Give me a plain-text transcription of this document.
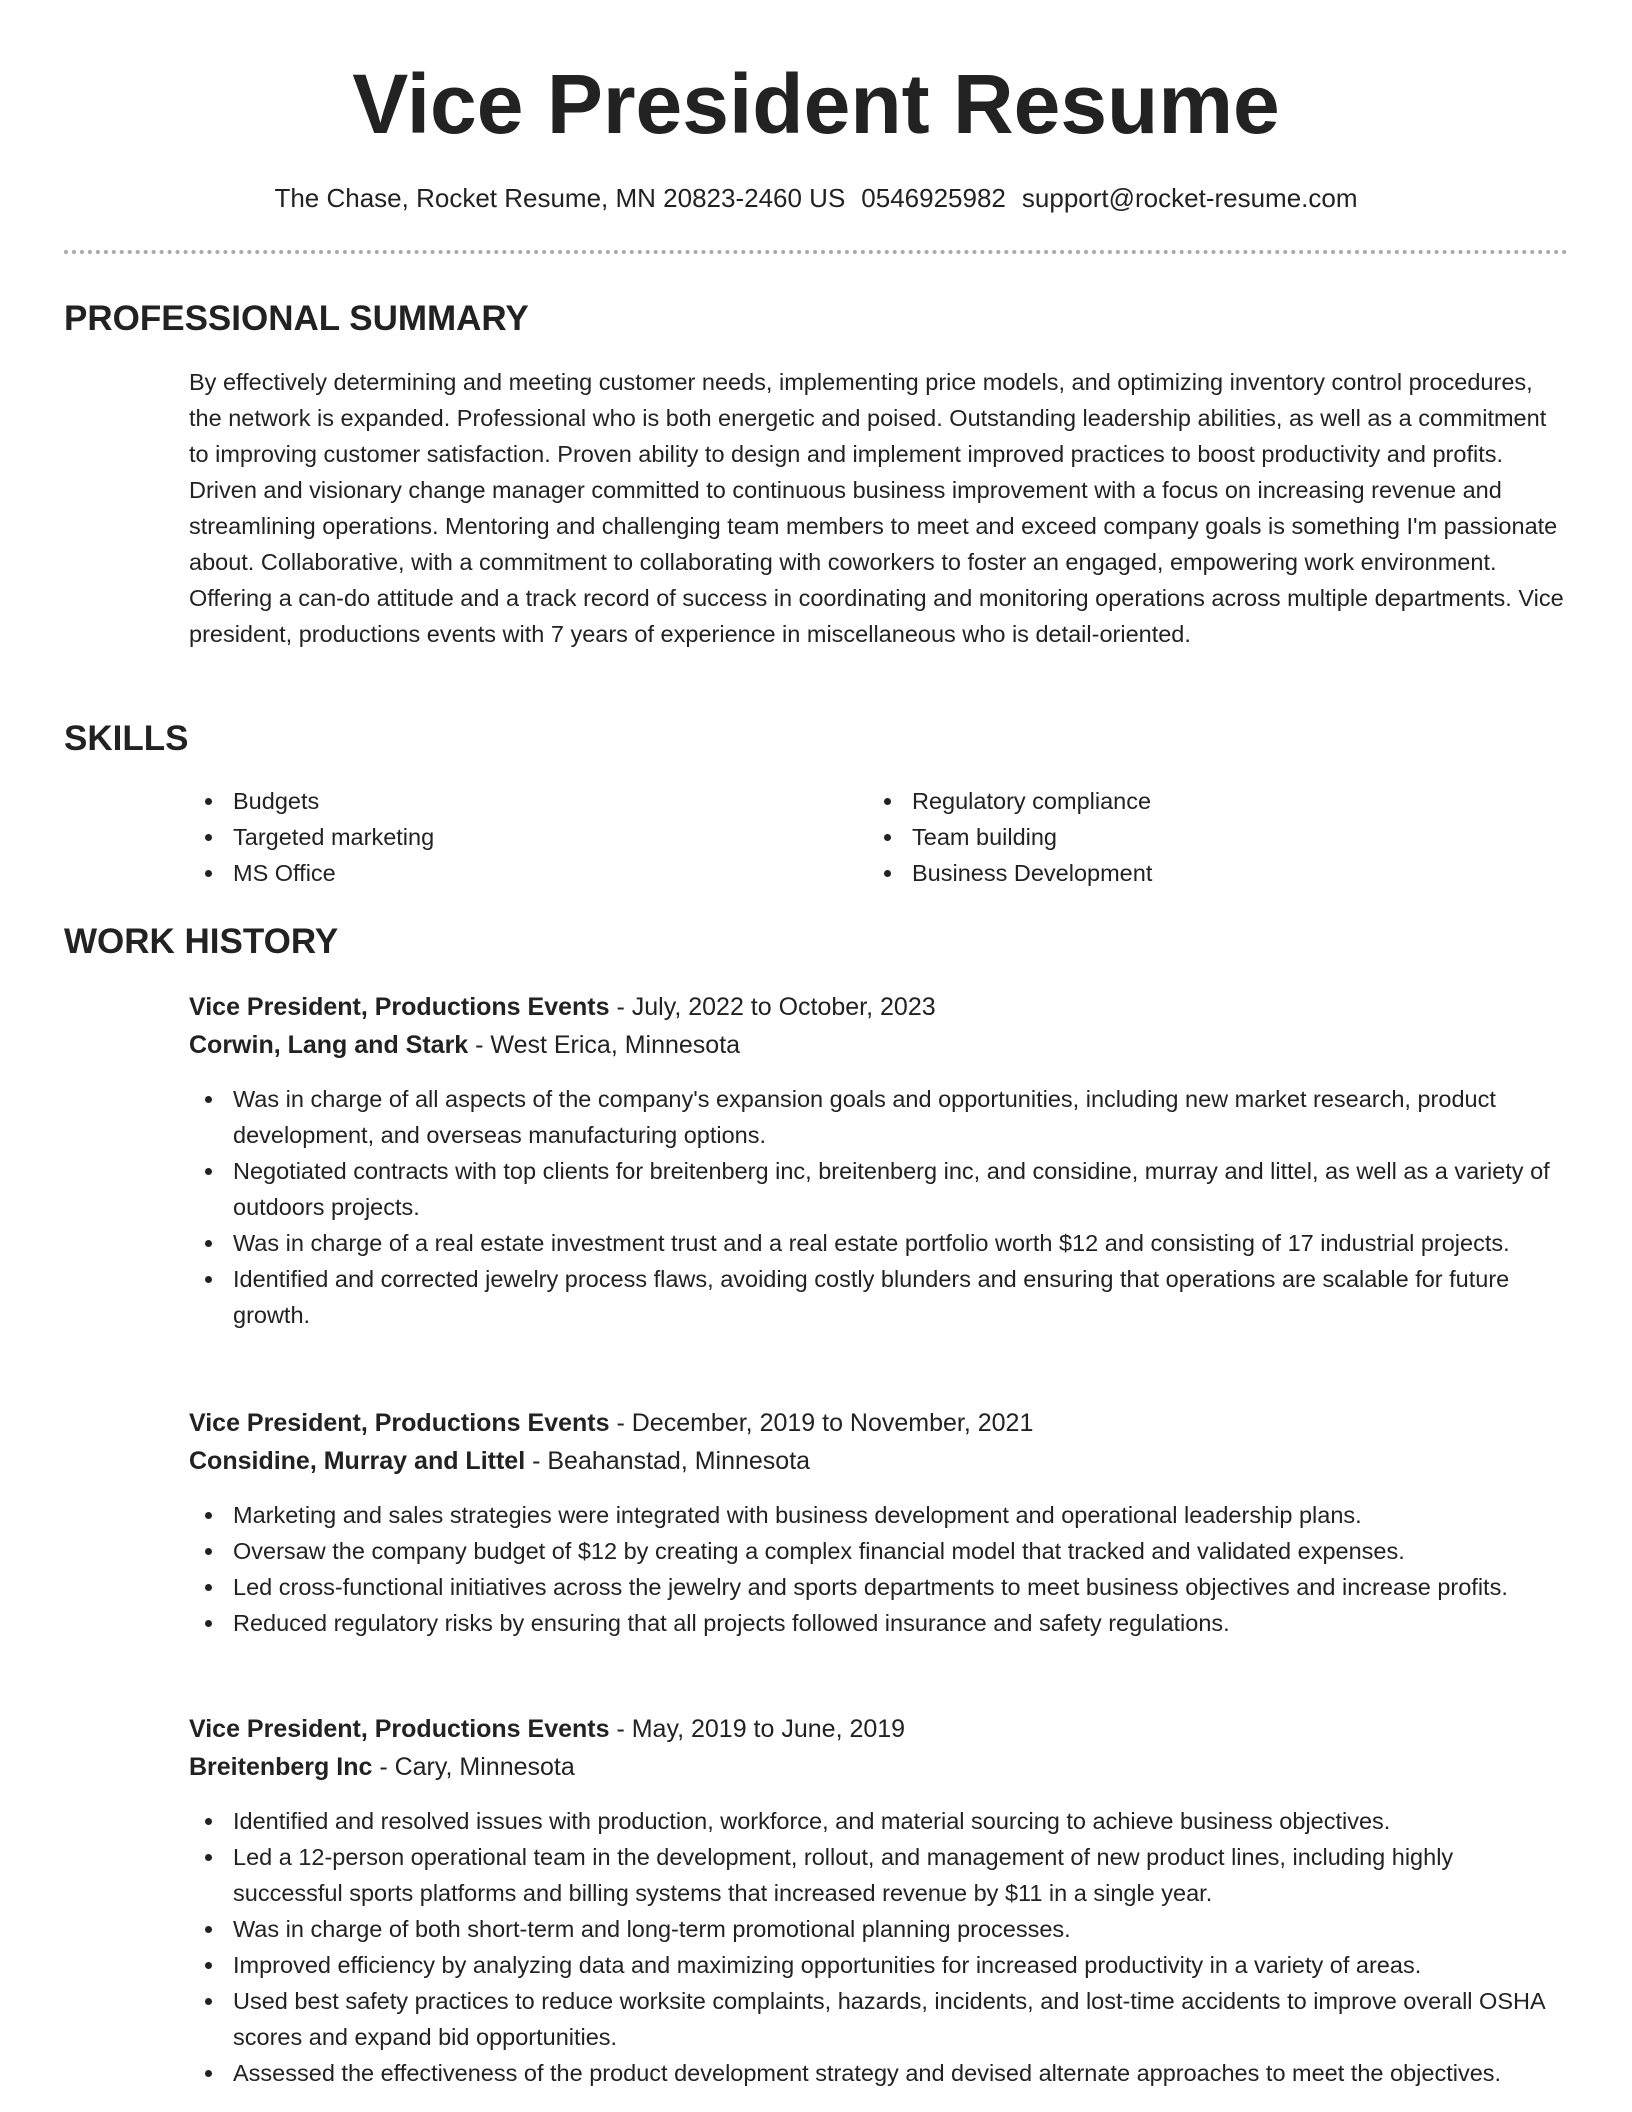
Vice President Resume
The Chase, Rocket Resume, MN 20823-2460 US 0546925982 support@rocket-resume.com
PROFESSIONAL SUMMARY

By effectively determining and meeting customer needs, implementing price models, and optimizing inventory control procedures, the network is expanded. Professional who is both energetic and poised. Outstanding leadership abilities, as well as a commitment to improving customer satisfaction. Proven ability to design and implement improved practices to boost productivity and profits. Driven and visionary change manager committed to continuous business improvement with a focus on increasing revenue and streamlining operations. Mentoring and challenging team members to meet and exceed company goals is something I'm passionate about. Collaborative, with a commitment to collaborating with coworkers to foster an engaged, empowering work environment. Offering a can-do attitude and a track record of success in coordinating and monitoring operations across multiple departments. Vice president, productions events with 7 years of experience in miscellaneous who is detail-oriented.

SKILLS
Budgets
Targeted marketing
MS Office
Regulatory compliance
Team building
Business Development
WORK HISTORY
Vice President, Productions Events - July, 2022 to October, 2023
Corwin, Lang and Stark - West Erica, Minnesota
Was in charge of all aspects of the company's expansion goals and opportunities, including new market research, product development, and overseas manufacturing options.
Negotiated contracts with top clients for breitenberg inc, breitenberg inc, and considine, murray and littel, as well as a variety of outdoors projects.
Was in charge of a real estate investment trust and a real estate portfolio worth $12 and consisting of 17 industrial projects.
Identified and corrected jewelry process flaws, avoiding costly blunders and ensuring that operations are scalable for future growth.
Vice President, Productions Events - December, 2019 to November, 2021
Considine, Murray and Littel - Beahanstad, Minnesota
Marketing and sales strategies were integrated with business development and operational leadership plans.
Oversaw the company budget of $12 by creating a complex financial model that tracked and validated expenses.
Led cross-functional initiatives across the jewelry and sports departments to meet business objectives and increase profits.
Reduced regulatory risks by ensuring that all projects followed insurance and safety regulations.
Vice President, Productions Events - May, 2019 to June, 2019
Breitenberg Inc - Cary, Minnesota
Identified and resolved issues with production, workforce, and material sourcing to achieve business objectives.
Led a 12-person operational team in the development, rollout, and management of new product lines, including highly successful sports platforms and billing systems that increased revenue by $11 in a single year.
Was in charge of both short-term and long-term promotional planning processes.
Improved efficiency by analyzing data and maximizing opportunities for increased productivity in a variety of areas.
Used best safety practices to reduce worksite complaints, hazards, incidents, and lost-time accidents to improve overall OSHA scores and expand bid opportunities.
Assessed the effectiveness of the product development strategy and devised alternate approaches to meet the objectives.
